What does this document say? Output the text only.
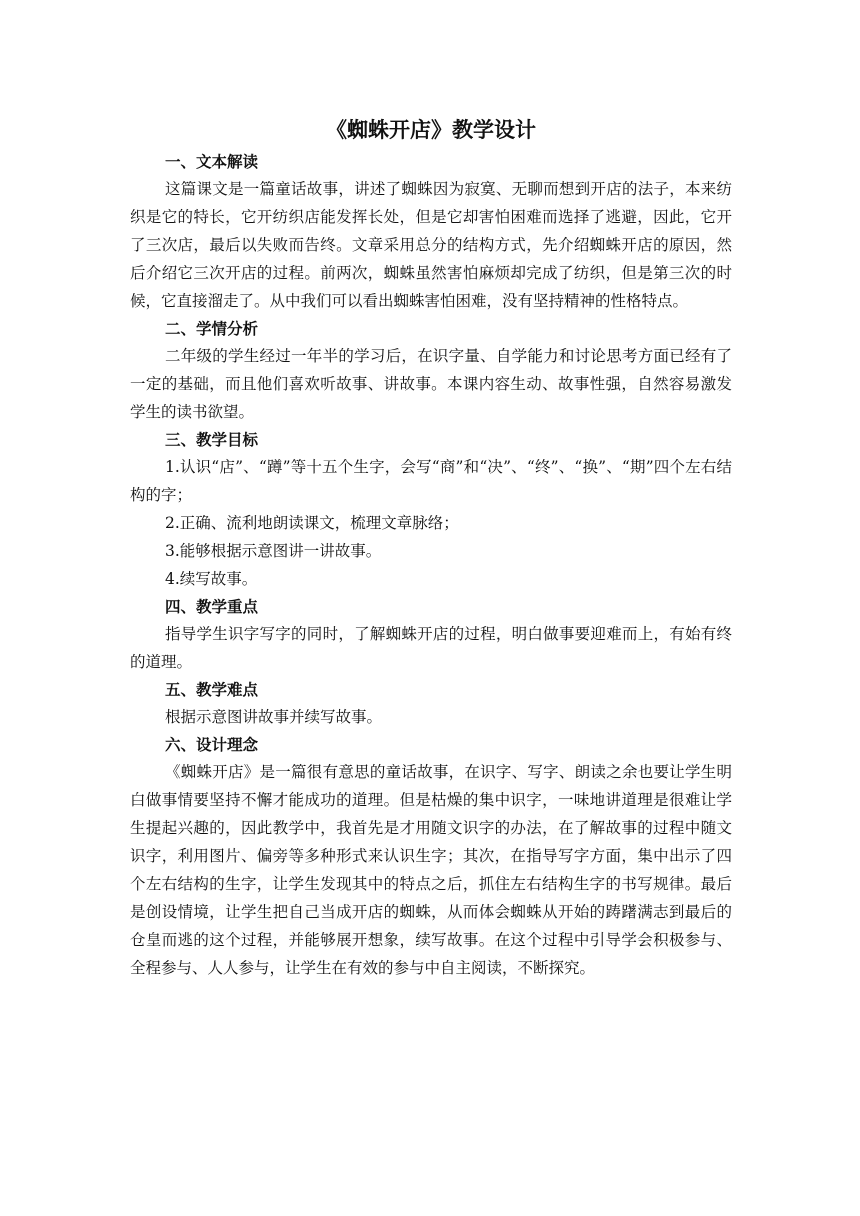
《蜘蛛开店》教学设计

一、文本解读

这篇课文是一篇童话故事，讲述了蜘蛛因为寂寞、无聊而想到开店的法子，本来纺织是它的特长，它开纺织店能发挥长处，但是它却害怕困难而选择了逃避，因此，它开了三次店，最后以失败而告终。文章采用总分的结构方式，先介绍蜘蛛开店的原因，然后介绍它三次开店的过程。前两次，蜘蛛虽然害怕麻烦却完成了纺织，但是第三次的时候，它直接溜走了。从中我们可以看出蜘蛛害怕困难，没有坚持精神的性格特点。

二、学情分析

二年级的学生经过一年半的学习后，在识字量、自学能力和讨论思考方面已经有了一定的基础，而且他们喜欢听故事、讲故事。本课内容生动、故事性强，自然容易激发学生的读书欲望。

三、教学目标

1.认识“店”、“蹲”等十五个生字，会写“商”和“决”、“终”、“换”、“期”四个左右结构的字；

2.正确、流利地朗读课文，梳理文章脉络；

3.能够根据示意图讲一讲故事。

4.续写故事。

四、教学重点

指导学生识字写字的同时，了解蜘蛛开店的过程，明白做事要迎难而上，有始有终的道理。

五、教学难点

根据示意图讲故事并续写故事。

六、设计理念

《蜘蛛开店》是一篇很有意思的童话故事，在识字、写字、朗读之余也要让学生明白做事情要坚持不懈才能成功的道理。但是枯燥的集中识字，一味地讲道理是很难让学生提起兴趣的，因此教学中，我首先是才用随文识字的办法，在了解故事的过程中随文识字，利用图片、偏旁等多种形式来认识生字；其次，在指导写字方面，集中出示了四个左右结构的生字，让学生发现其中的特点之后，抓住左右结构生字的书写规律。最后是创设情境，让学生把自己当成开店的蜘蛛，从而体会蜘蛛从开始的踌躇满志到最后的仓皇而逃的这个过程，并能够展开想象，续写故事。在这个过程中引导学会积极参与、全程参与、人人参与，让学生在有效的参与中自主阅读，不断探究。
